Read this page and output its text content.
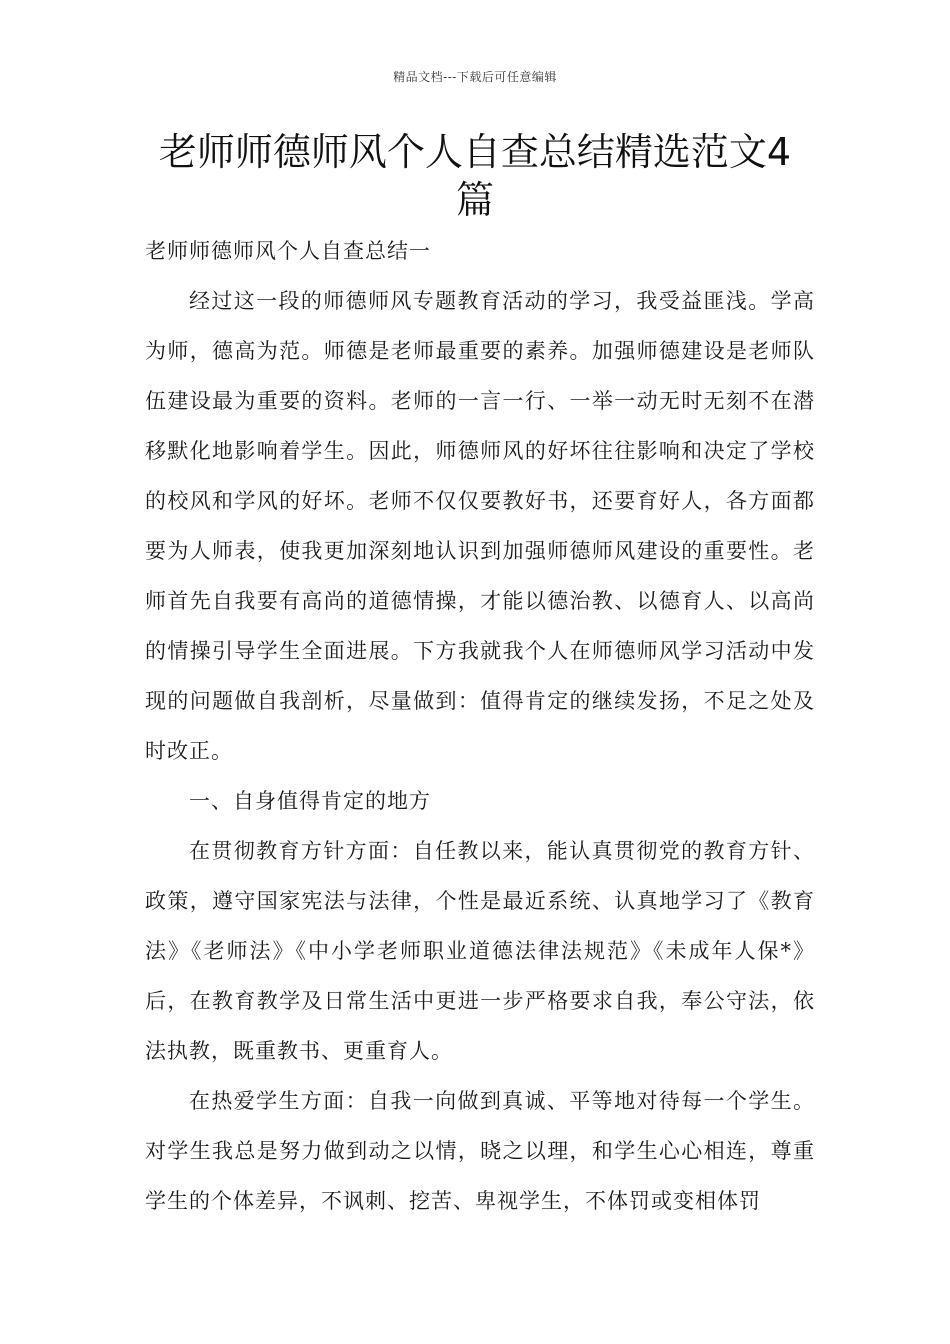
精品文档---下载后可任意编辑
老师师德师风个人自查总结精选范文4篇

老师师德师风个人自查总结一

经过这一段的师德师风专题教育活动的学习，我受益匪浅。学高为师，德高为范。师德是老师最重要的素养。加强师德建设是老师队伍建设最为重要的资料。老师的一言一行、一举一动无时无刻不在潜移默化地影响着学生。因此，师德师风的好坏往往影响和决定了学校的校风和学风的好坏。老师不仅仅要教好书，还要育好人，各方面都要为人师表，使我更加深刻地认识到加强师德师风建设的重要性。老师首先自我要有高尚的道德情操，才能以德治教、以德育人、以高尚的情操引导学生全面进展。下方我就我个人在师德师风学习活动中发现的问题做自我剖析，尽量做到：值得肯定的继续发扬，不足之处及时改正。

一、自身值得肯定的地方

在贯彻教育方针方面：自任教以来，能认真贯彻党的教育方针、政策，遵守国家宪法与法律，个性是最近系统、认真地学习了《教育法》《老师法》《中小学老师职业道德法律法规范》《未成年人保*》后，在教育教学及日常生活中更进一步严格要求自我，奉公守法，依法执教，既重教书、更重育人。

在热爱学生方面：自我一向做到真诚、平等地对待每一个学生。对学生我总是努力做到动之以情，晓之以理，和学生心心相连，尊重学生的个体差异，不讽刺、挖苦、卑视学生，不体罚或变相体罚
